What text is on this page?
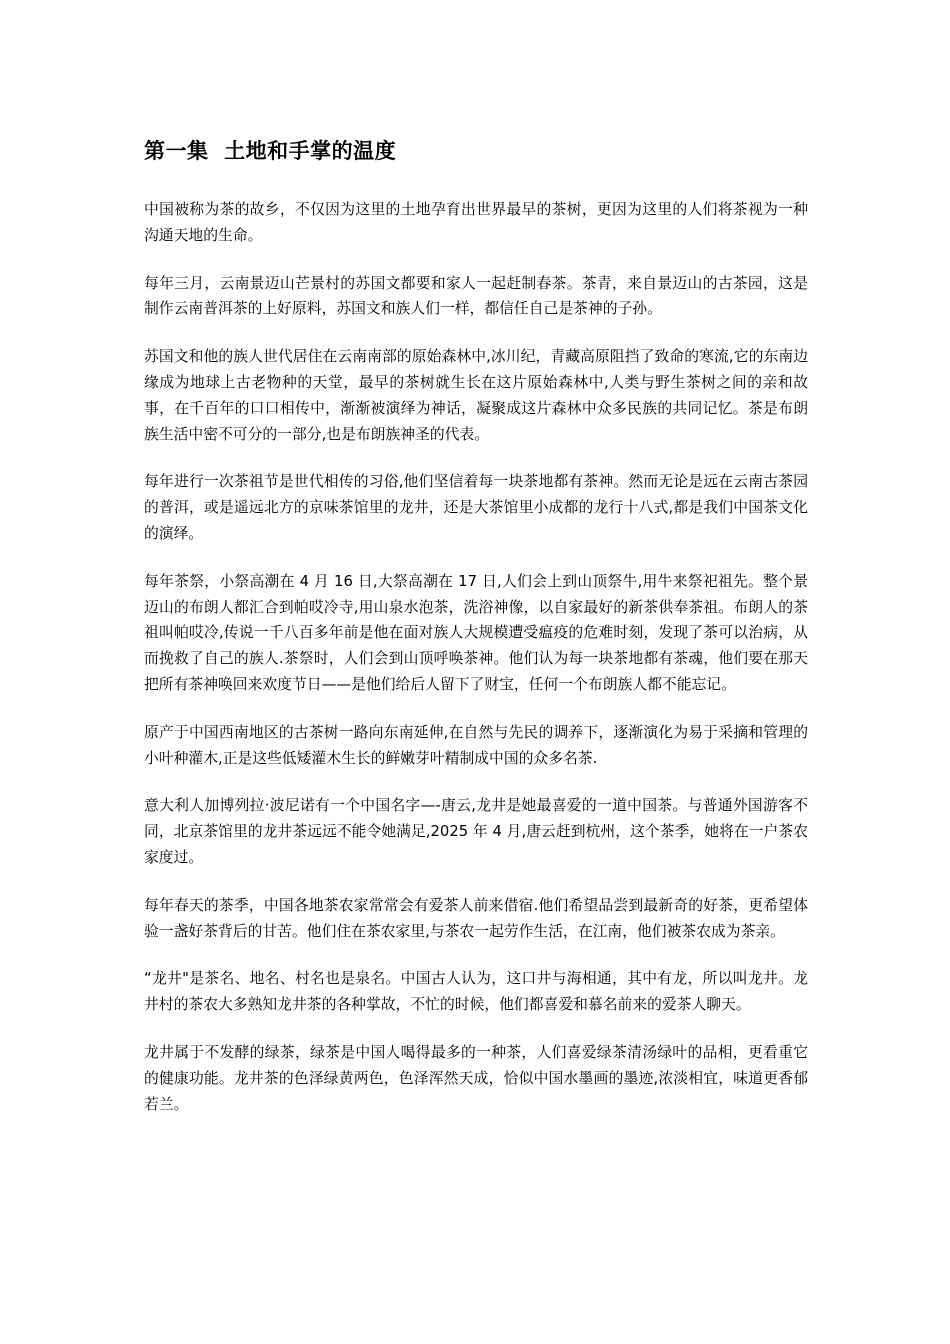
第一集  土地和手掌的温度

中国被称为茶的故乡，不仅因为这里的土地孕育出世界最早的茶树，更因为这里的人们将茶视为一种沟通天地的生命。

每年三月，云南景迈山芒景村的苏国文都要和家人一起赶制春茶。茶青，来自景迈山的古茶园，这是制作云南普洱茶的上好原料，苏国文和族人们一样，都信任自己是茶神的子孙。

苏国文和他的族人世代居住在云南南部的原始森林中,冰川纪，青藏高原阻挡了致命的寒流,它的东南边缘成为地球上古老物种的天堂，最早的茶树就生长在这片原始森林中,人类与野生茶树之间的亲和故事，在千百年的口口相传中，渐渐被演绎为神话，凝聚成这片森林中众多民族的共同记忆。茶是布朗族生活中密不可分的一部分,也是布朗族神圣的代表。

每年进行一次茶祖节是世代相传的习俗,他们坚信着每一块茶地都有茶神。然而无论是远在云南古茶园的普洱，或是遥远北方的京味茶馆里的龙井，还是大茶馆里小成都的龙行十八式,都是我们中国茶文化的演绎。

每年茶祭，小祭高潮在 4 月 16 日,大祭高潮在 17 日,人们会上到山顶祭牛,用牛来祭祀祖先。整个景迈山的布朗人都汇合到帕哎冷寺,用山泉水泡茶，洗浴神像，以自家最好的新茶供奉茶祖。布朗人的茶祖叫帕哎冷,传说一千八百多年前是他在面对族人大规模遭受瘟疫的危难时刻，发现了茶可以治病，从而挽救了自己的族人.茶祭时，人们会到山顶呼唤茶神。他们认为每一块茶地都有茶魂，他们要在那天把所有茶神唤回来欢度节日——是他们给后人留下了财宝，任何一个布朗族人都不能忘记。

原产于中国西南地区的古茶树一路向东南延伸,在自然与先民的调养下，逐渐演化为易于采摘和管理的小叶种灌木,正是这些低矮灌木生长的鲜嫩芽叶精制成中国的众多名茶.

意大利人加博列拉·波尼诺有一个中国名字—-唐云,龙井是她最喜爱的一道中国茶。与普通外国游客不同，北京茶馆里的龙井茶远远不能令她满足,2025 年 4 月,唐云赶到杭州，这个茶季，她将在一户茶农家度过。

每年春天的茶季，中国各地茶农家常常会有爱茶人前来借宿.他们希望品尝到最新奇的好茶，更希望体验一盏好茶背后的甘苦。他们住在茶农家里,与茶农一起劳作生活，在江南，他们被茶农成为茶亲。

“龙井"是茶名、地名、村名也是泉名。中国古人认为，这口井与海相通，其中有龙，所以叫龙井。龙井村的茶农大多熟知龙井茶的各种掌故，不忙的时候，他们都喜爱和慕名前来的爱茶人聊天。

龙井属于不发酵的绿茶，绿茶是中国人喝得最多的一种茶，人们喜爱绿茶清汤绿叶的品相，更看重它的健康功能。龙井茶的色泽绿黄两色，色泽浑然天成，恰似中国水墨画的墨迹,浓淡相宜，味道更香郁若兰。
